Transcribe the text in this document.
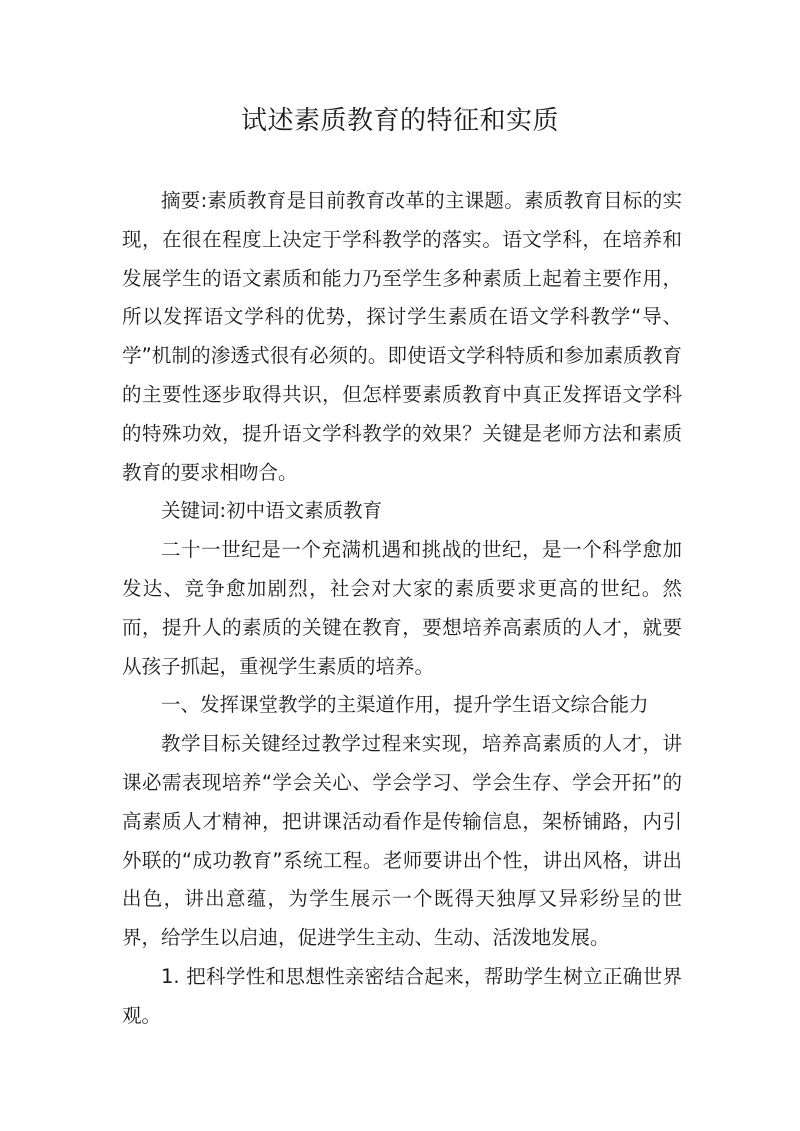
试述素质教育的特征和实质

摘要:素质教育是目前教育改革的主课题。素质教育目标的实现，在很在程度上决定于学科教学的落实。语文学科，在培养和发展学生的语文素质和能力乃至学生多种素质上起着主要作用，所以发挥语文学科的优势，探讨学生素质在语文学科教学“导、学”机制的渗透式很有必须的。即使语文学科特质和参加素质教育的主要性逐步取得共识，但怎样要素质教育中真正发挥语文学科的特殊功效，提升语文学科教学的效果？关键是老师方法和素质教育的要求相吻合。

关键词:初中语文素质教育

二十一世纪是一个充满机遇和挑战的世纪，是一个科学愈加发达、竞争愈加剧烈，社会对大家的素质要求更高的世纪。然而，提升人的素质的关键在教育，要想培养高素质的人才，就要从孩子抓起，重视学生素质的培养。

一、发挥课堂教学的主渠道作用，提升学生语文综合能力

教学目标关键经过教学过程来实现，培养高素质的人才，讲课必需表现培养“学会关心、学会学习、学会生存、学会开拓”的高素质人才精神，把讲课活动看作是传输信息，架桥铺路，内引外联的“成功教育”系统工程。老师要讲出个性，讲出风格，讲出出色，讲出意蕴，为学生展示一个既得天独厚又异彩纷呈的世界，给学生以启迪，促进学生主动、生动、活泼地发展。

1. 把科学性和思想性亲密结合起来，帮助学生树立正确世界观。
